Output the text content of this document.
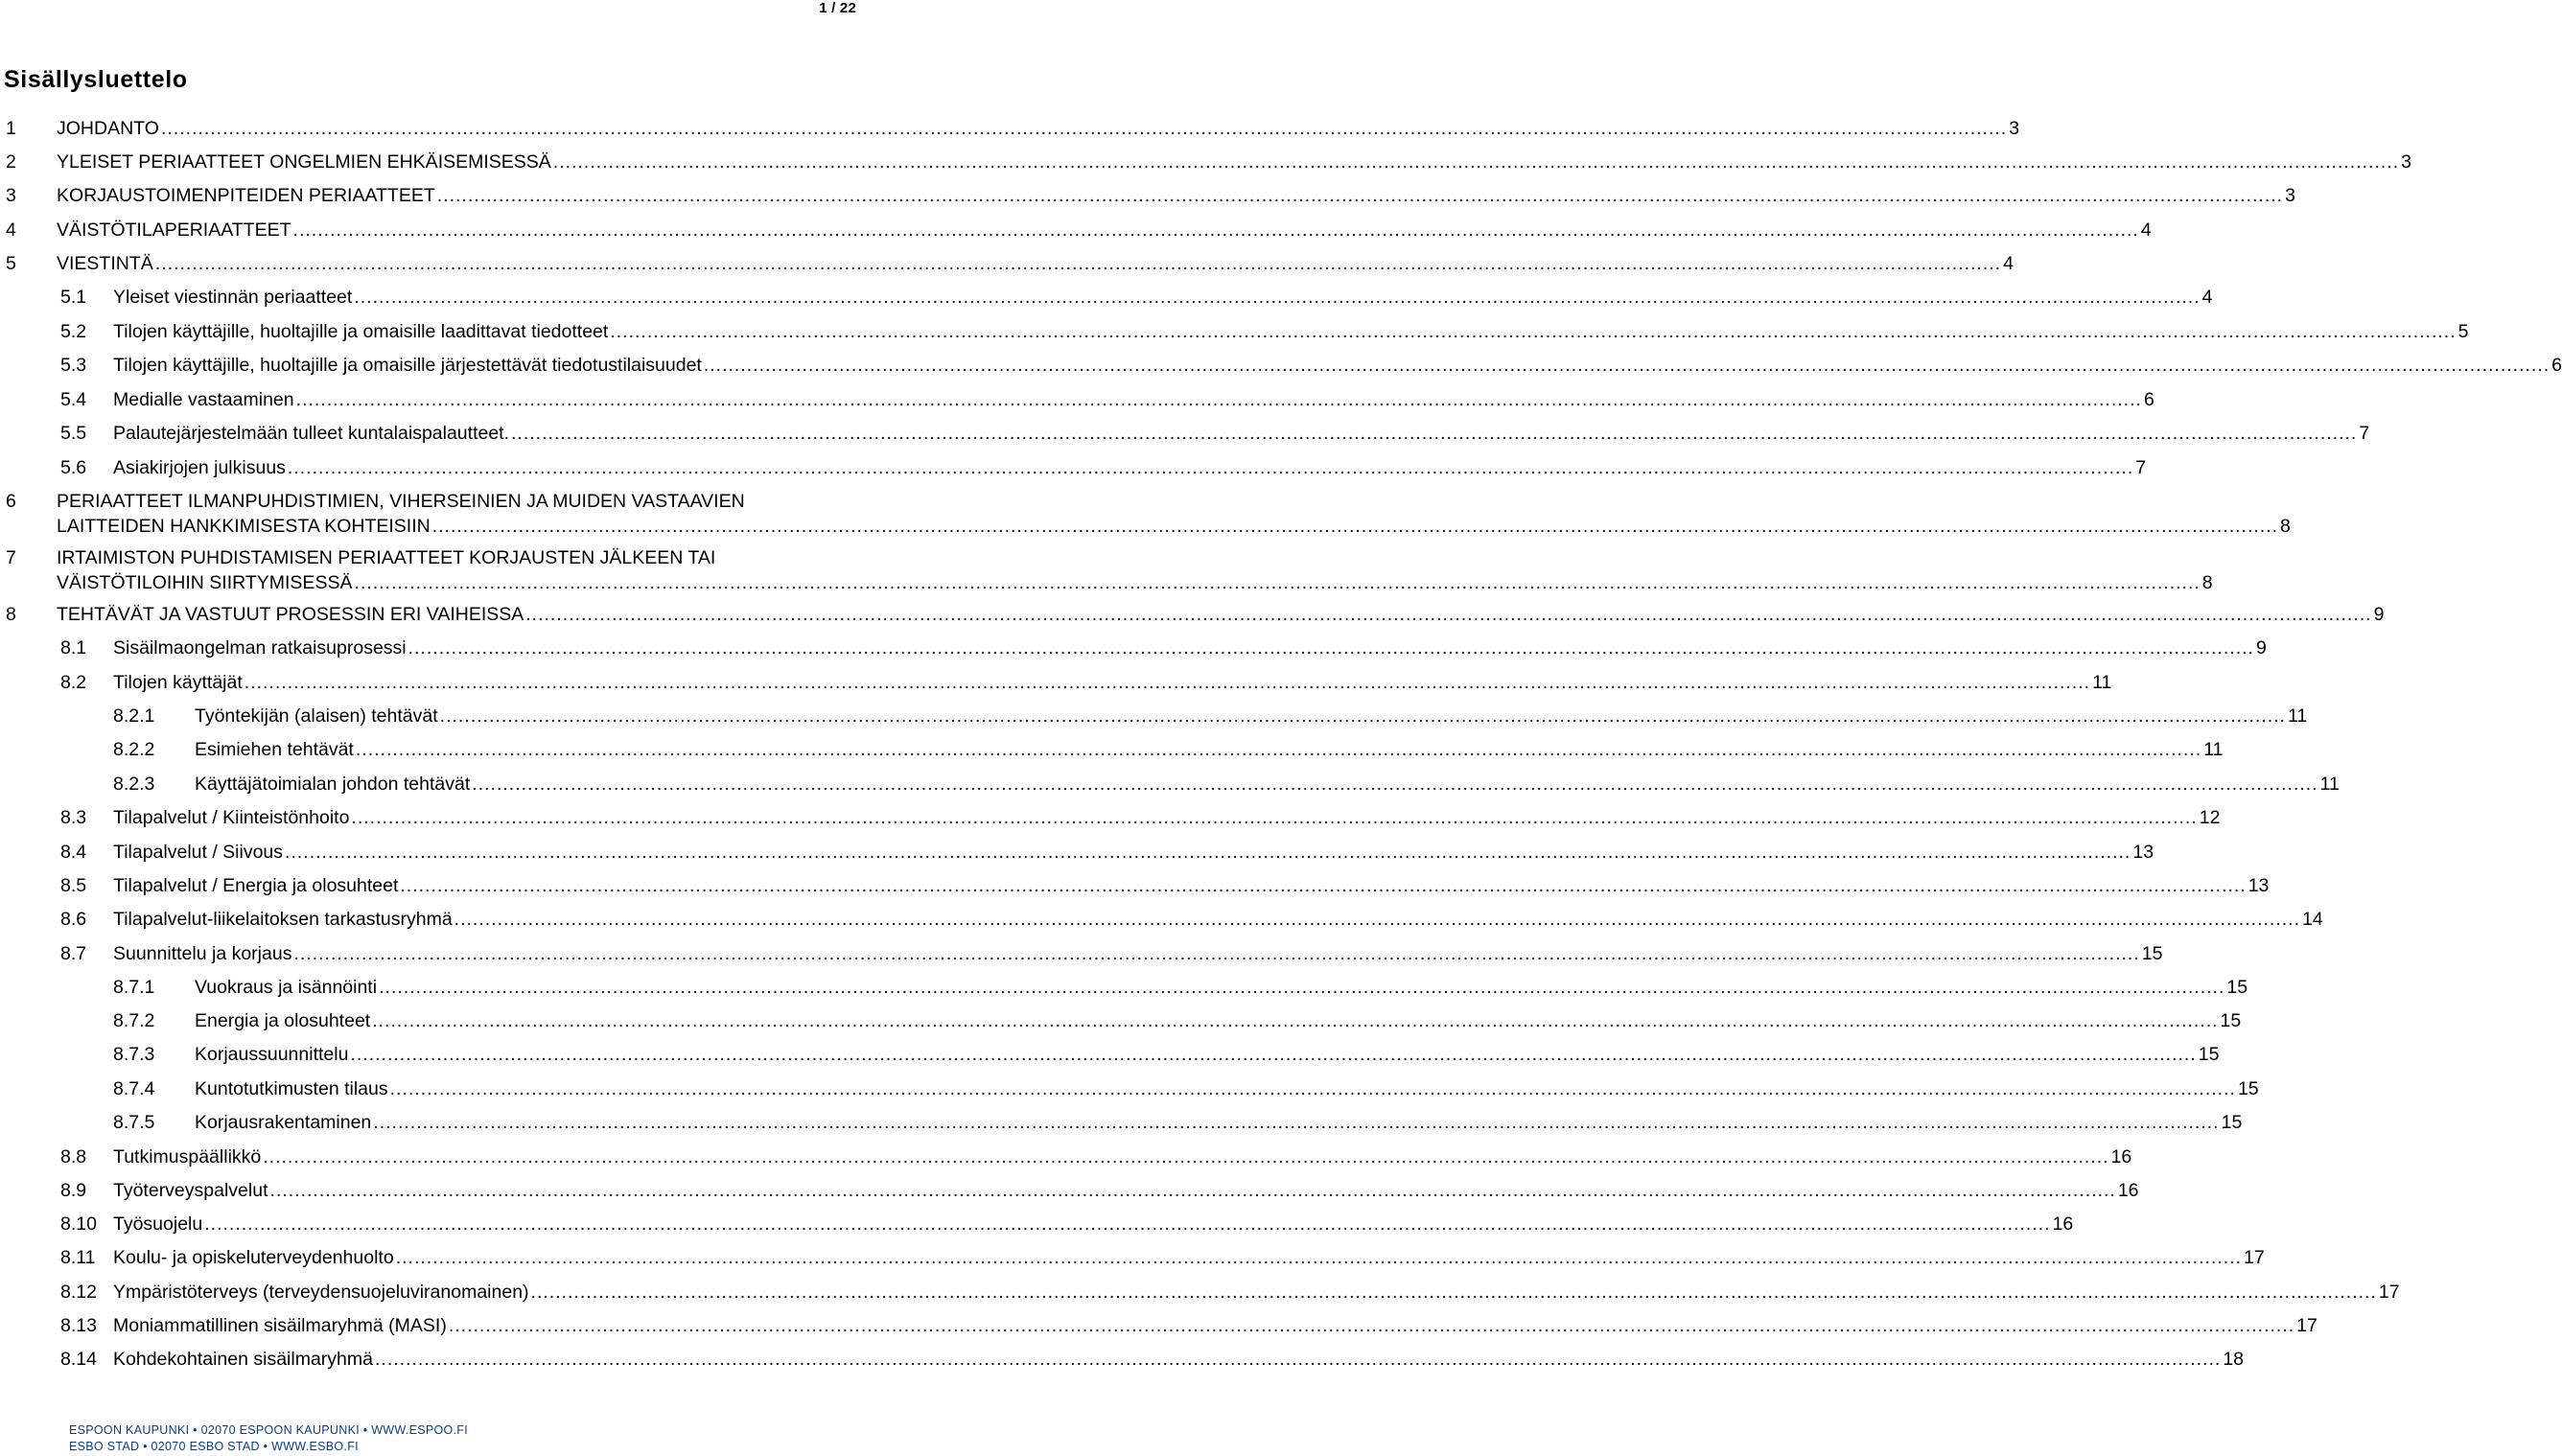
1 / 22
Sisällysluettelo
1 JOHDANTO ............................................................................................................................................................................................................................................................................................................ 3
2 YLEISET PERIAATTEET ONGELMIEN EHKÄISEMISESSÄ ............................................................................................................................................................................................................................................................................................................ 3
3 KORJAUSTOIMENPITEIDEN PERIAATTEET ............................................................................................................................................................................................................................................................................................................ 3
4 VÄISTÖTILAPERIAATTEET ............................................................................................................................................................................................................................................................................................................ 4
5 VIESTINTÄ ............................................................................................................................................................................................................................................................................................................ 4
5.1 Yleiset viestinnän periaatteet ............................................................................................................................................................................................................................................................................................................ 4
5.2 Tilojen käyttäjille, huoltajille ja omaisille laadittavat tiedotteet ............................................................................................................................................................................................................................................................................................................ 5
5.3 Tilojen käyttäjille, huoltajille ja omaisille järjestettävät tiedotustilaisuudet ............................................................................................................................................................................................................................................................................................................ 6
5.4 Medialle vastaaminen ............................................................................................................................................................................................................................................................................................................ 6
5.5 Palautejärjestelmään tulleet kuntalaispalautteet. ............................................................................................................................................................................................................................................................................................................ 7
5.6 Asiakirjojen julkisuus ............................................................................................................................................................................................................................................................................................................ 7
6 PERIAATTEET ILMANPUHDISTIMIEN, VIHERSEINIEN JA MUIDEN VASTAAVIEN
LAITTEIDEN HANKKIMISESTA KOHTEISIIN ............................................................................................................................................................................................................................................................................................................ 8
7 IRTAIMISTON PUHDISTAMISEN PERIAATTEET KORJAUSTEN JÄLKEEN TAI
VÄISTÖTILOIHIN SIIRTYMISESSÄ ............................................................................................................................................................................................................................................................................................................ 8
8 TEHTÄVÄT JA VASTUUT PROSESSIN ERI VAIHEISSA ............................................................................................................................................................................................................................................................................................................ 9
8.1 Sisäilmaongelman ratkaisuprosessi ............................................................................................................................................................................................................................................................................................................ 9
8.2 Tilojen käyttäjät ............................................................................................................................................................................................................................................................................................................ 11
8.2.1 Työntekijän (alaisen) tehtävät ............................................................................................................................................................................................................................................................................................................ 11
8.2.2 Esimiehen tehtävät ............................................................................................................................................................................................................................................................................................................ 11
8.2.3 Käyttäjätoimialan johdon tehtävät ............................................................................................................................................................................................................................................................................................................ 11
8.3 Tilapalvelut / Kiinteistönhoito ............................................................................................................................................................................................................................................................................................................ 12
8.4 Tilapalvelut / Siivous ............................................................................................................................................................................................................................................................................................................ 13
8.5 Tilapalvelut / Energia ja olosuhteet ............................................................................................................................................................................................................................................................................................................ 13
8.6 Tilapalvelut-liikelaitoksen tarkastusryhmä ............................................................................................................................................................................................................................................................................................................ 14
8.7 Suunnittelu ja korjaus ............................................................................................................................................................................................................................................................................................................ 15
8.7.1 Vuokraus ja isännöinti ............................................................................................................................................................................................................................................................................................................ 15
8.7.2 Energia ja olosuhteet ............................................................................................................................................................................................................................................................................................................ 15
8.7.3 Korjaussuunnittelu ............................................................................................................................................................................................................................................................................................................ 15
8.7.4 Kuntotutkimusten tilaus ............................................................................................................................................................................................................................................................................................................ 15
8.7.5 Korjausrakentaminen ............................................................................................................................................................................................................................................................................................................ 15
8.8 Tutkimuspäällikkö ............................................................................................................................................................................................................................................................................................................ 16
8.9 Työterveyspalvelut ............................................................................................................................................................................................................................................................................................................ 16
8.10 Työsuojelu ............................................................................................................................................................................................................................................................................................................ 16
8.11 Koulu- ja opiskeluterveydenhuolto ............................................................................................................................................................................................................................................................................................................ 17
8.12 Ympäristöterveys (terveydensuojeluviranomainen) ............................................................................................................................................................................................................................................................................................................ 17
8.13 Moniammatillinen sisäilmaryhmä (MASI) ............................................................................................................................................................................................................................................................................................................ 17
8.14 Kohdekohtainen sisäilmaryhmä ............................................................................................................................................................................................................................................................................................................ 18
ESPOON KAUPUNKI • 02070 ESPOON KAUPUNKI • WWW.ESPOO.FI
ESBO STAD • 02070 ESBO STAD • WWW.ESBO.FI
